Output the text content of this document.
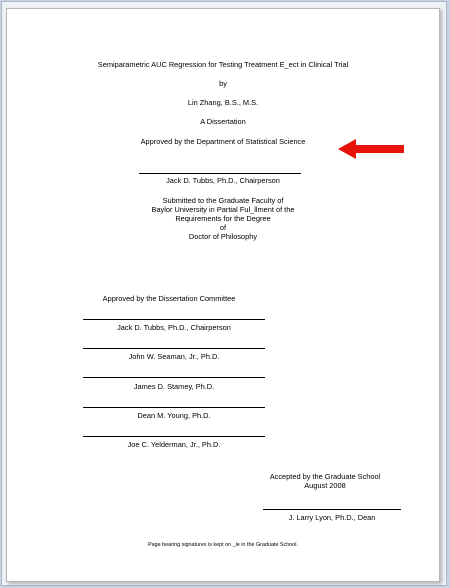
Semiparametric AUC Regression for Testing Treatment E_ect in Clinical Trial
by
Lin Zhang, B.S., M.S.
A Dissertation
Approved by the Department of Statistical Science
Jack D. Tubbs, Ph.D., Chairperson
Submitted to the Graduate Faculty of
Baylor University in Partial Ful_llment of the
Requirements for the Degree
of
Doctor of Philosophy
Approved by the Dissertation Committee
Jack D. Tubbs, Ph.D., Chairperson
John W. Seaman, Jr., Ph.D.
James D. Stamey, Ph.D.
Dean M. Young, Ph.D.
Joe C. Yelderman, Jr., Ph.D.
Accepted by the Graduate School
August 2008
J. Larry Lyon, Ph.D., Dean
Page bearing signatures is kept on _le in the Graduate School.
